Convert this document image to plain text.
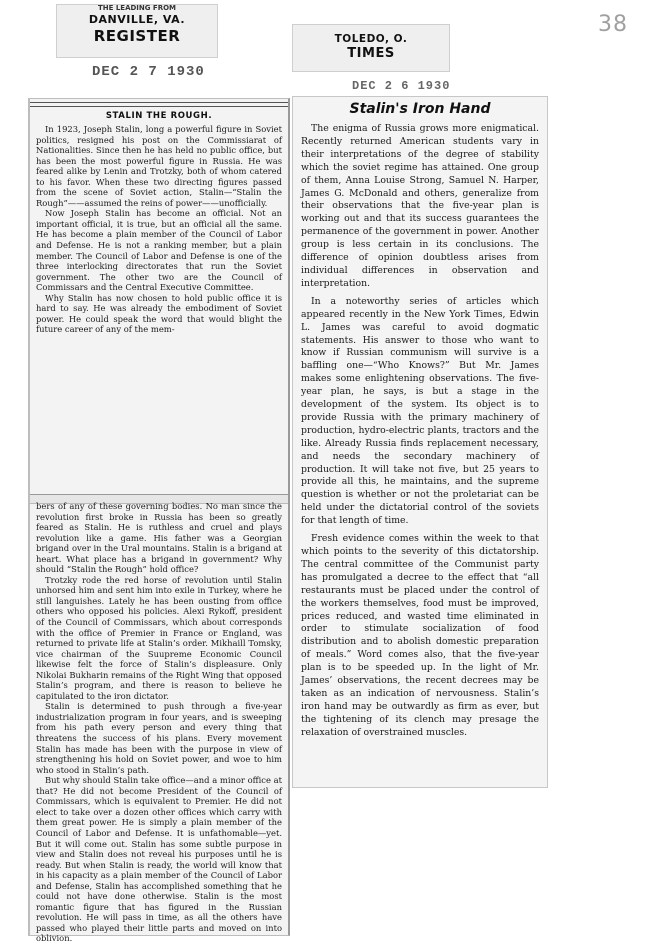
38
THE LEADING FROM
DANVILLE, VA.
REGISTER
DEC 2 7 1930
STALIN THE ROUGH.

In 1923, Joseph Stalin, long a powerful figure in Soviet politics, resigned his post on the Commissiarat of Nationalities. Since then he has held no public office, but has been the most powerful figure in Russia. He was feared alike by Lenin and Trotzky, both of whom catered to his favor. When these two directing figures passed from the scene of Soviet action, Stalin—“Stalin the Rough”——assumed the reins of power——unofficially.

Now Joseph Stalin has become an official. Not an important official, it is true, but an official all the same. He has become a plain member of the Council of Labor and Defense. He is not a ranking member, but a plain member. The Council of Labor and Defense is one of the three interlocking directorates that run the Soviet government. The other two are the Council of Commissars and the Central Executive Committee.

Why Stalin has now chosen to hold public office it is hard to say. He was already the embodiment of Soviet power. He could speak the word that would blight the future career of any of the mem-

bers of any of these governing bodies. No man since the revolution first broke in Russia has been so greatly feared as Stalin. He is ruthless and cruel and plays revolution like a game. His father was a Georgian brigand over in the Ural mountains. Stalin is a brigand at heart. What place has a brigand in government? Why should “Stalin the Rough” hold office?

Trotzky rode the red horse of revolution until Stalin unhorsed him and sent him into exile in Turkey, where he still languishes. Lately he has been ousting from office others who opposed his policies. Alexi Rykoff, president of the Council of Commissars, which about corresponds with the office of Premier in France or England, was returned to private life at Stalin’s order. Mikhaill Tomsky, vice chairman of the Suupreme Economic Council likewise felt the force of Stalin’s displeasure. Only Nikolai Bukharin remains of the Right Wing that opposed Stalin’s program, and there is reason to believe he capitulated to the iron dictator.

Stalin is determined to push through a five-year industrialization program in four years, and is sweeping from his path every person and every thing that threatens the success of his plans. Every movement Stalin has made has been with the purpose in view of strengthening his hold on Soviet power, and woe to him who stood in Stalin’s path.

But why should Stalin take office—and a minor office at that? He did not become President of the Council of Commissars, which is equivalent to Premier. He did not elect to take over a dozen other offices which carry with them great power. He is simply a plain member of the Council of Labor and Defense. It is unfathomable—yet. But it will come out. Stalin has some subtle purpose in view and Stalin does not reveal his purposes until he is ready. But when Stalin is ready, the world will know that in his capacity as a plain member of the Council of Labor and Defense, Stalin has accomplished something that he could not have done otherwise. Stalin is the most romantic figure that has figured in the Russian revolution. He will pass in time, as all the others have passed who played their little parts and moved on into oblivion.

TOLEDO, O.
TIMES
DEC 2 6 1930
Stalin's Iron Hand

The enigma of Russia grows more enigmatical. Recently returned American students vary in their interpretations of the degree of stability which the soviet regime has attained. One group of them, Anna Louise Strong, Samuel N. Harper, James G. McDonald and others, generalize from their observations that the five-year plan is working out and that its success guarantees the permanence of the government in power. Another group is less certain in its conclusions. The difference of opinion doubtless arises from individual differences in observation and interpretation.

In a noteworthy series of articles which appeared recently in the New York Times, Edwin L. James was careful to avoid dogmatic statements. His answer to those who want to know if Russian communism will survive is a baffling one—“Who Knows?” But Mr. James makes some enlightening observations. The five-year plan, he says, is but a stage in the development of the system. Its object is to provide Russia with the primary machinery of production, hydro-electric plants, tractors and the like. Already Russia finds replacement necessary, and needs the secondary machinery of production. It will take not five, but 25 years to provide all this, he maintains, and the supreme question is whether or not the proletariat can be held under the dictatorial control of the soviets for that length of time.

Fresh evidence comes within the week to that which points to the severity of this dictatorship. The central committee of the Communist party has promulgated a decree to the effect that “all restaurants must be placed under the control of the workers themselves, food must be improved, prices reduced, and wasted time eliminated in order to stimulate socialization of food distribution and to abolish domestic preparation of meals.” Word comes also, that the five-year plan is to be speeded up. In the light of Mr. James’ observations, the recent decrees may be taken as an indication of nervousness. Stalin’s iron hand may be outwardly as firm as ever, but the tightening of its clench may presage the relaxation of overstrained muscles.
